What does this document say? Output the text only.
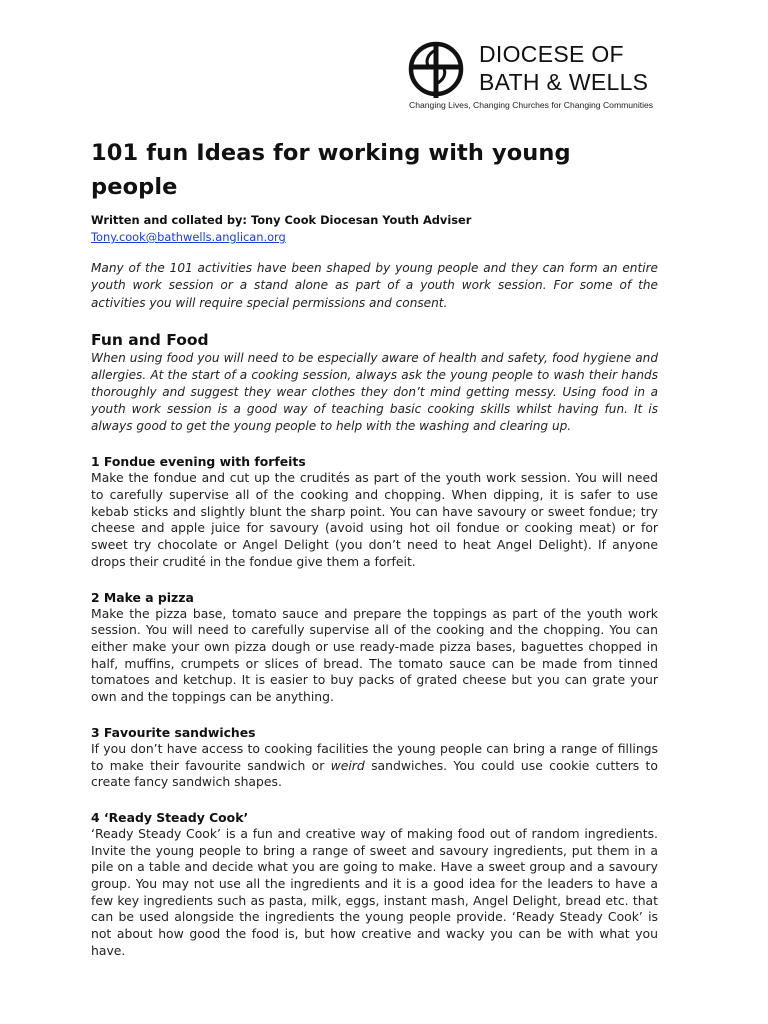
DIOCESE OF
BATH & WELLS
Changing Lives, Changing Churches for Changing Communities
101 fun Ideas for working with young people
Written and collated by: Tony Cook Diocesan Youth Adviser Tony.cook@bathwells.anglican.org
Many of the 101 activities have been shaped by young people and they can form an entire youth work session or a stand alone as part of a youth work session. For some of the activities you will require special permissions and consent.
Fun and Food
When using food you will need to be especially aware of health and safety, food hygiene and allergies. At the start of a cooking session, always ask the young people to wash their hands thoroughly and suggest they wear clothes they don’t mind getting messy. Using food in a youth work session is a good way of teaching basic cooking skills whilst having fun. It is always good to get the young people to help with the washing and clearing up.
1 Fondue evening with forfeits
Make the fondue and cut up the crudités as part of the youth work session. You will need to carefully supervise all of the cooking and chopping. When dipping, it is safer to use kebab sticks and slightly blunt the sharp point. You can have savoury or sweet fondue; try cheese and apple juice for savoury (avoid using hot oil fondue or cooking meat) or for sweet try chocolate or Angel Delight (you don’t need to heat Angel Delight). If anyone drops their crudité in the fondue give them a forfeit.
2 Make a pizza
Make the pizza base, tomato sauce and prepare the toppings as part of the youth work session. You will need to carefully supervise all of the cooking and the chopping. You can either make your own pizza dough or use ready-made pizza bases, baguettes chopped in half, muffins, crumpets or slices of bread. The tomato sauce can be made from tinned tomatoes and ketchup. It is easier to buy packs of grated cheese but you can grate your own and the toppings can be anything.
3 Favourite sandwiches
If you don’t have access to cooking facilities the young people can bring a range of fillings to make their favourite sandwich or weird sandwiches. You could use cookie cutters to create fancy sandwich shapes.
4 ‘Ready Steady Cook’
‘Ready Steady Cook’ is a fun and creative way of making food out of random ingredients. Invite the young people to bring a range of sweet and savoury ingredients, put them in a pile on a table and decide what you are going to make. Have a sweet group and a savoury group. You may not use all the ingredients and it is a good idea for the leaders to have a few key ingredients such as pasta, milk, eggs, instant mash, Angel Delight, bread etc. that can be used alongside the ingredients the young people provide. ‘Ready Steady Cook’ is not about how good the food is, but how creative and wacky you can be with what you have.
